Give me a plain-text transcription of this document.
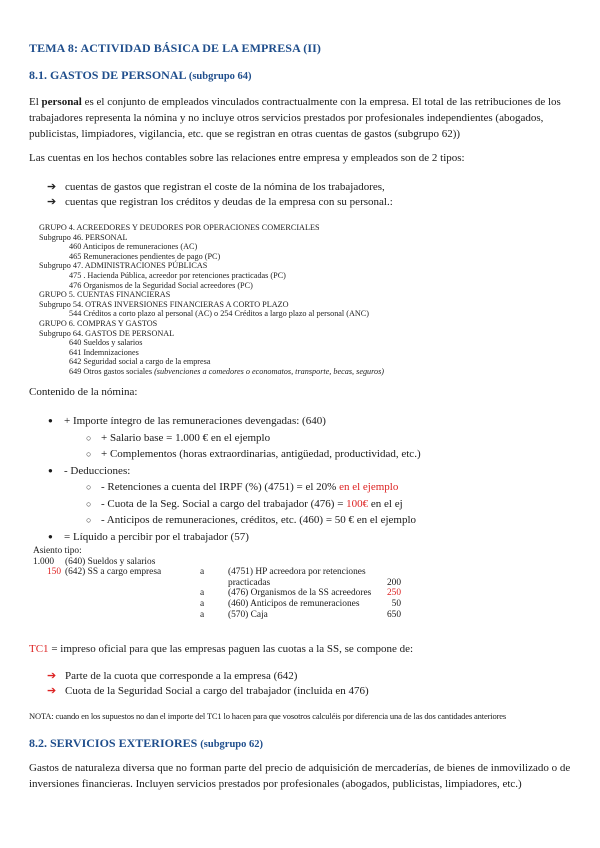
TEMA 8: ACTIVIDAD BÁSICA DE LA EMPRESA (II)
8.1. GASTOS DE PERSONAL (subgrupo 64)
El personal es el conjunto de empleados vinculados contractualmente con la empresa. El total de las retribuciones de los trabajadores representa la nómina y no incluye otros servicios prestados por profesionales independientes (abogados, publicistas, limpiadores, vigilancia, etc. que se registran en otras cuentas de gastos (subgrupo 62))
Las cuentas en los hechos contables sobre las relaciones entre empresa y empleados son de 2 tipos:
➔ cuentas de gastos que registran el coste de la nómina de los trabajadores,
➔ cuentas que registran los créditos y deudas de la empresa con su personal.:
GRUPO 4. ACREEDORES Y DEUDORES POR OPERACIONES COMERCIALES
Subgrupo 46. PERSONAL
460 Anticipos de remuneraciones (AC)
465 Remuneraciones pendientes de pago (PC)
Subgrupo 47. ADMINISTRACIONES PÚBLICAS
475 . Hacienda Pública, acreedor por retenciones practicadas (PC)
476 Organismos de la Seguridad Social acreedores (PC)
GRUPO 5. CUENTAS FINANCIERAS
Subgrupo 54. OTRAS INVERSIONES FINANCIERAS A CORTO PLAZO
544 Créditos a corto plazo al personal (AC) o 254 Créditos a largo plazo al personal (ANC)
GRUPO 6. COMPRAS Y GASTOS
Subgrupo 64. GASTOS DE PERSONAL
640 Sueldos y salarios
641 Indemnizaciones
642 Seguridad social a cargo de la empresa
649 Otros gastos sociales (subvenciones a comedores o economatos, transporte, becas, seguros)
Contenido de la nómina:
● + Importe íntegro de las remuneraciones devengadas: (640)
○ + Salario base = 1.000 € en el ejemplo
○ + Complementos (horas extraordinarias, antigüedad, productividad, etc.)
● - Deducciones:
○ - Retenciones a cuenta del IRPF (%) (4751) = el 20% en el ejemplo
○ - Cuota de la Seg. Social a cargo del trabajador (476) = 100€ en el ej
○ - Anticipos de remuneraciones, créditos, etc. (460) = 50 € en el ejemplo
● = Líquido a percibir por el trabajador (57)
Asiento tipo:
1.000	(640) Sueldos y salarios			
150	(642) SS a cargo empresa	a	(4751) HP acreedora por retenciones	
			practicadas	200
		a	(476) Organismos de la SS acreedores	250
		a	(460) Anticipos de remuneraciones	50
		a	(570) Caja	650
TC1 = impreso oficial para que las empresas paguen las cuotas a la SS, se compone de:
➔ Parte de la cuota que corresponde a la empresa (642)
➔ Cuota de la Seguridad Social a cargo del trabajador (incluida en 476)
NOTA: cuando en los supuestos no dan el importe del TC1 lo hacen para que vosotros calculéis por diferencia una de las dos cantidades anteriores
8.2. SERVICIOS EXTERIORES (subgrupo 62)
Gastos de naturaleza diversa que no forman parte del precio de adquisición de mercaderías, de bienes de inmovilizado o de inversiones financieras. Incluyen servicios prestados por profesionales (abogados, publicistas, limpiadores, etc.)
